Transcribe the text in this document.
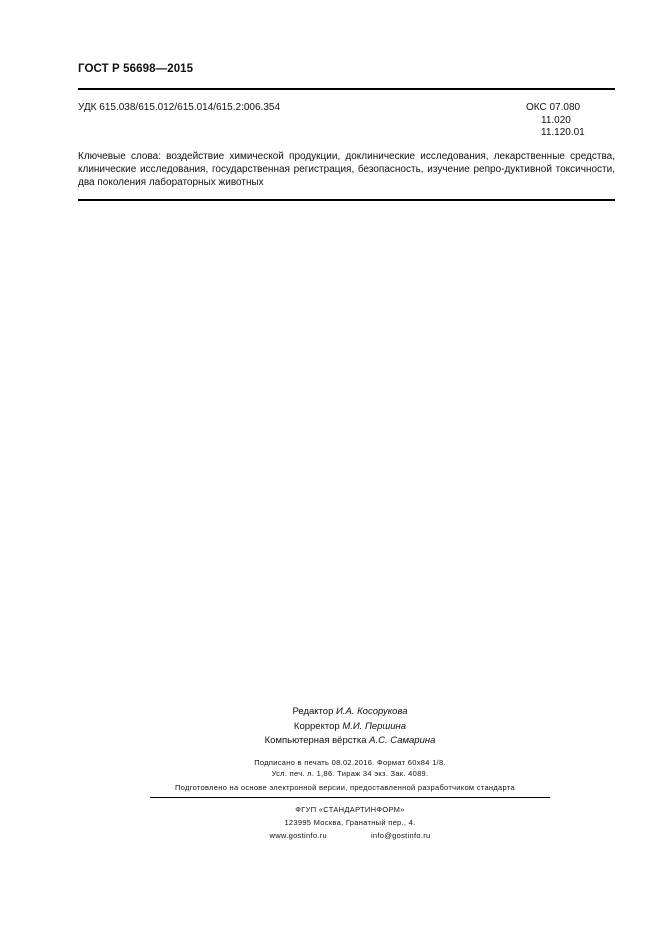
ГОСТ Р 56698—2015
УДК 615.038/615.012/615.014/615.2:006.354	ОКС 07.080
11.020
11.120.01
Ключевые слова: воздействие химической продукции, доклинические исследования, лекарственные средства, клинические исследования, государственная регистрация, безопасность, изучение репро-дуктивной токсичности, два поколения лабораторных животных
Редактор И.А. Косорукова
Корректор М.И. Першина
Компьютерная вёрстка А.С. Самарина
Подписано в печать 08.02.2016. Формат 60x84 1/8.
Усл. печ. л. 1,86. Тираж 34 экз. Зак. 4089.
Подготовлено на основе электронной версии, предоставленной разработчиком стандарта
ФГУП «СТАНДАРТИНФОРМ»
123995 Москва, Гранатный пер., 4.
www.gostinfo.ru	info@gostinfo.ru
